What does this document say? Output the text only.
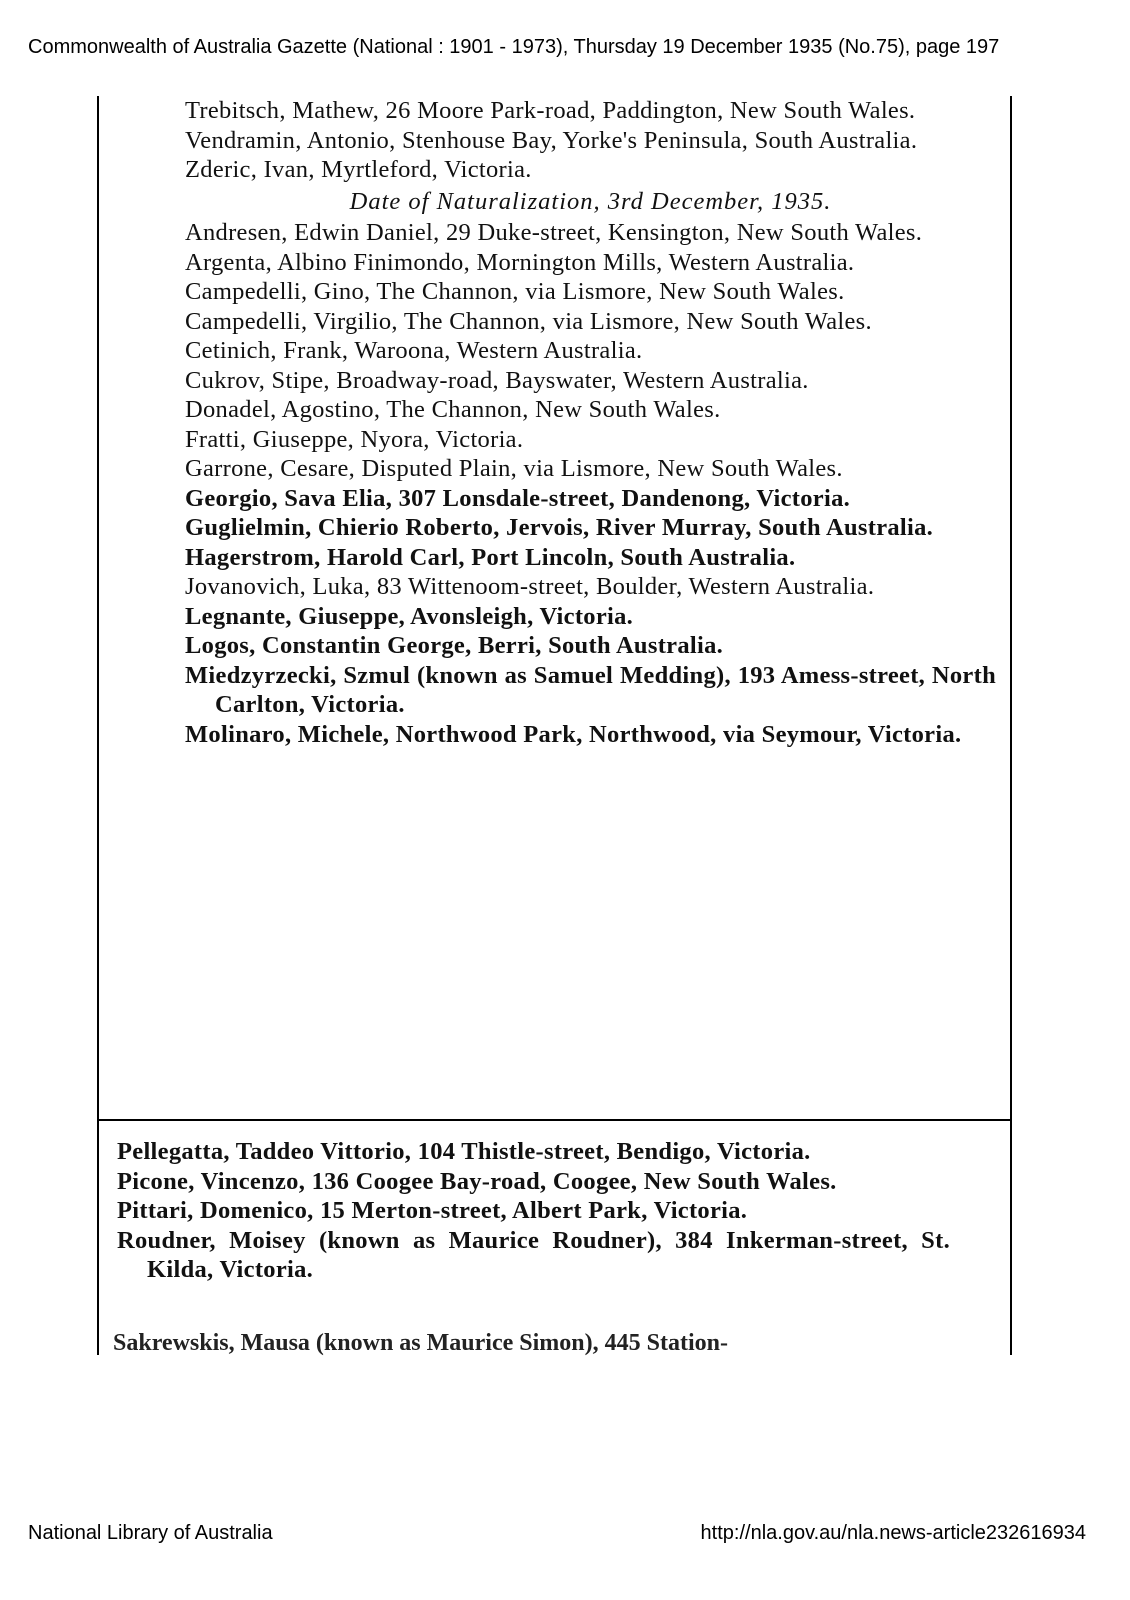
Commonwealth of Australia Gazette (National : 1901 - 1973), Thursday 19 December 1935 (No.75), page 197

Trebitsch, Mathew, 26 Moore Park-road, Paddington, New South Wales.

Vendramin, Antonio, Stenhouse Bay, Yorke's Peninsula, South Australia.

Zderic, Ivan, Myrtleford, Victoria.

Date of Naturalization, 3rd December, 1935.

Andresen, Edwin Daniel, 29 Duke-street, Kensington, New South Wales.

Argenta, Albino Finimondo, Mornington Mills, Western Australia.

Campedelli, Gino, The Channon, via Lismore, New South Wales.

Campedelli, Virgilio, The Channon, via Lismore, New South Wales.

Cetinich, Frank, Waroona, Western Australia.

Cukrov, Stipe, Broadway-road, Bayswater, Western Australia.

Donadel, Agostino, The Channon, New South Wales.

Fratti, Giuseppe, Nyora, Victoria.

Garrone, Cesare, Disputed Plain, via Lismore, New South Wales.

Georgio, Sava Elia, 307 Lonsdale-street, Dandenong, Victoria.

Guglielmin, Chierio Roberto, Jervois, River Murray, South Australia.

Hagerstrom, Harold Carl, Port Lincoln, South Australia.

Jovanovich, Luka, 83 Wittenoom-street, Boulder, Western Australia.

Legnante, Giuseppe, Avonsleigh, Victoria.

Logos, Constantin George, Berri, South Australia.

Miedzyrzecki, Szmul (known as Samuel Medding), 193 Amess-street, North Carlton, Victoria.

Molinaro, Michele, Northwood Park, Northwood, via Seymour, Victoria.

Pellegatta, Taddeo Vittorio, 104 Thistle-street, Bendigo, Victoria.

Picone, Vincenzo, 136 Coogee Bay-road, Coogee, New South Wales.

Pittari, Domenico, 15 Merton-street, Albert Park, Victoria.

Roudner, Moisey (known as Maurice Roudner), 384 Inkerman-street, St. Kilda, Victoria.

Sakrewskis, Mausa (known as Maurice Simon), 445 Station-
National Library of Australia	http://nla.gov.au/nla.news-article232616934
